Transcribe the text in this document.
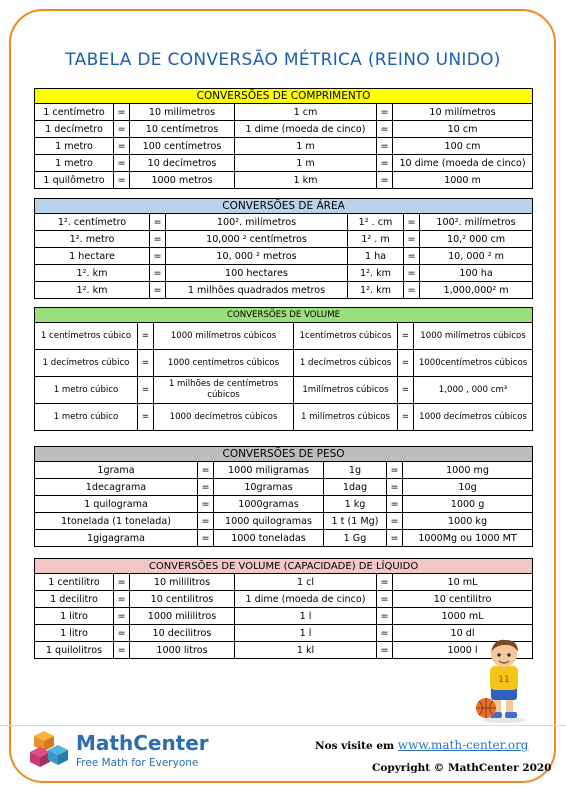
TABELA DE CONVERSÃO MÉTRICA (REINO UNIDO)
CONVERSÕES DE COMPRIMENTO					
1 centímetro	=	10 milímetros	1 cm	=	10 milímetros
1 decímetro	=	10 centímetros	1 dime (moeda de cinco)	=	10 cm
1 metro	=	100 centímetros	1 m	=	100 cm
1 metro	=	10 decímetros	1 m	=	10 dime (moeda de cinco)
1 quilômetro	=	1000 metros	1 km	=	1000 m
CONVERSÕES DE ÁREA					
1². centímetro	=	100². milímetros	1² . cm	=	100². milímetros
1². metro	=	10,000 ² centímetros	1² . m	=	10,² 000 cm
1 hectare	=	10, 000 ² metros	1 ha	=	10, 000 ² m
1². km	=	100 hectares	1². km	=	100 ha
1². km	=	1 milhões quadrados metros	1². km	=	1,000,000² m
CONVERSÕES DE VOLUME					
1 centímetros cúbico	=	1000 milímetros cúbicos	1centímetros cúbicos	=	1000 milímetros cúbicos
1 decímetros cúbico	=	1000 centímetros cúbicos	1 decímetros cúbicos	=	1000centímetros cúbicos
1 metro cúbico	=	1 milhões de centímetros cúbicos	1milímetros cúbicos	=	1,000 , 000 cm³
1 metro cúbico	=	1000 decímetros cúbicos	1 milímetros cúbicos	=	1000 decímetros cúbicos
CONVERSÕES DE PESO					
1grama	=	1000 miligramas	1g	=	1000 mg
1decagrama	=	10gramas	1dag	=	10g
1 quilograma	=	1000gramas	1 kg	=	1000 g
1tonelada (1 tonelada)	=	1000 quilogramas	1 t (1 Mg)	=	1000 kg
1gigagrama	=	1000 toneladas	1 Gg	=	1000Mg ou 1000 MT
CONVERSÕES DE VOLUME (CAPACIDADE) DE LÍQUIDO					
1 centilitro	=	10 mililitros	1 cl	=	10 mL
1 decilitro	=	10 centilitros	1 dime (moeda de cinco)	=	10 centilitro
1 litro	=	1000 mililitros	1 l	=	1000 mL
1 litro	=	10 decilitros	1 l	=	10 dl
1 quilolitros	=	1000 litros	1 kl	=	1000 l
11
MathCenter
Free Math for Everyone
Nos visite em www.math-center.org
Copyright © MathCenter 2020
